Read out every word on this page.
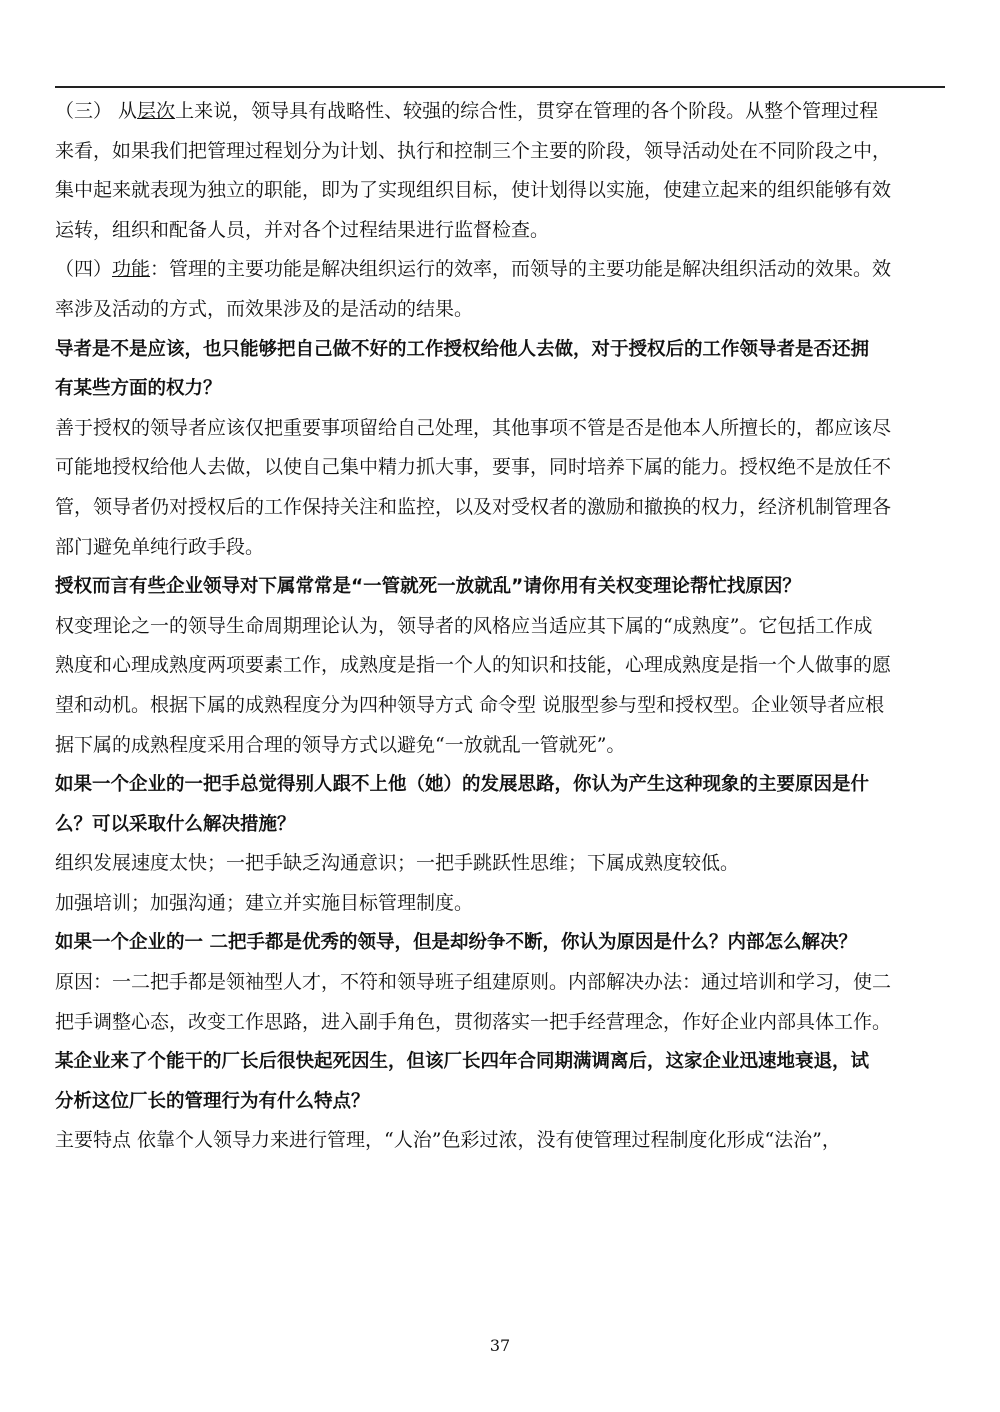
（三） 从层次上来说，领导具有战略性、较强的综合性，贯穿在管理的各个阶段。从整个管理过程
来看，如果我们把管理过程划分为计划、执行和控制三个主要的阶段，领导活动处在不同阶段之中，
集中起来就表现为独立的职能，即为了实现组织目标，使计划得以实施，使建立起来的组织能够有效
运转，组织和配备人员，并对各个过程结果进行监督检查。
（四）功能：管理的主要功能是解决组织运行的效率，而领导的主要功能是解决组织活动的效果。效
率涉及活动的方式，而效果涉及的是活动的结果。
导者是不是应该，也只能够把自己做不好的工作授权给他人去做，对于授权后的工作领导者是否还拥
有某些方面的权力？
善于授权的领导者应该仅把重要事项留给自己处理，其他事项不管是否是他本人所擅长的，都应该尽
可能地授权给他人去做，以使自己集中精力抓大事，要事，同时培养下属的能力。授权绝不是放任不
管，领导者仍对授权后的工作保持关注和监控，以及对受权者的激励和撤换的权力，经济机制管理各
部门避免单纯行政手段。
授权而言有些企业领导对下属常常是“一管就死一放就乱”请你用有关权变理论帮忙找原因？
权变理论之一的领导生命周期理论认为，领导者的风格应当适应其下属的“成熟度”。它包括工作成
熟度和心理成熟度两项要素工作，成熟度是指一个人的知识和技能，心理成熟度是指一个人做事的愿
望和动机。根据下属的成熟程度分为四种领导方式 命令型 说服型参与型和授权型。企业领导者应根
据下属的成熟程度采用合理的领导方式以避免“一放就乱一管就死”。
如果一个企业的一把手总觉得别人跟不上他（她）的发展思路，你认为产生这种现象的主要原因是什
么？可以采取什么解决措施？
组织发展速度太快；一把手缺乏沟通意识；一把手跳跃性思维；下属成熟度较低。
加强培训；加强沟通；建立并实施目标管理制度。
如果一个企业的一 二把手都是优秀的领导，但是却纷争不断，你认为原因是什么？内部怎么解决？
原因：一二把手都是领袖型人才，不符和领导班子组建原则。内部解决办法：通过培训和学习，使二
把手调整心态，改变工作思路，进入副手角色，贯彻落实一把手经营理念，作好企业内部具体工作。
某企业来了个能干的厂长后很快起死因生，但该厂长四年合同期满调离后，这家企业迅速地衰退，试
分析这位厂长的管理行为有什么特点？
主要特点 依靠个人领导力来进行管理，“人治”色彩过浓，没有使管理过程制度化形成“法治”，
37
